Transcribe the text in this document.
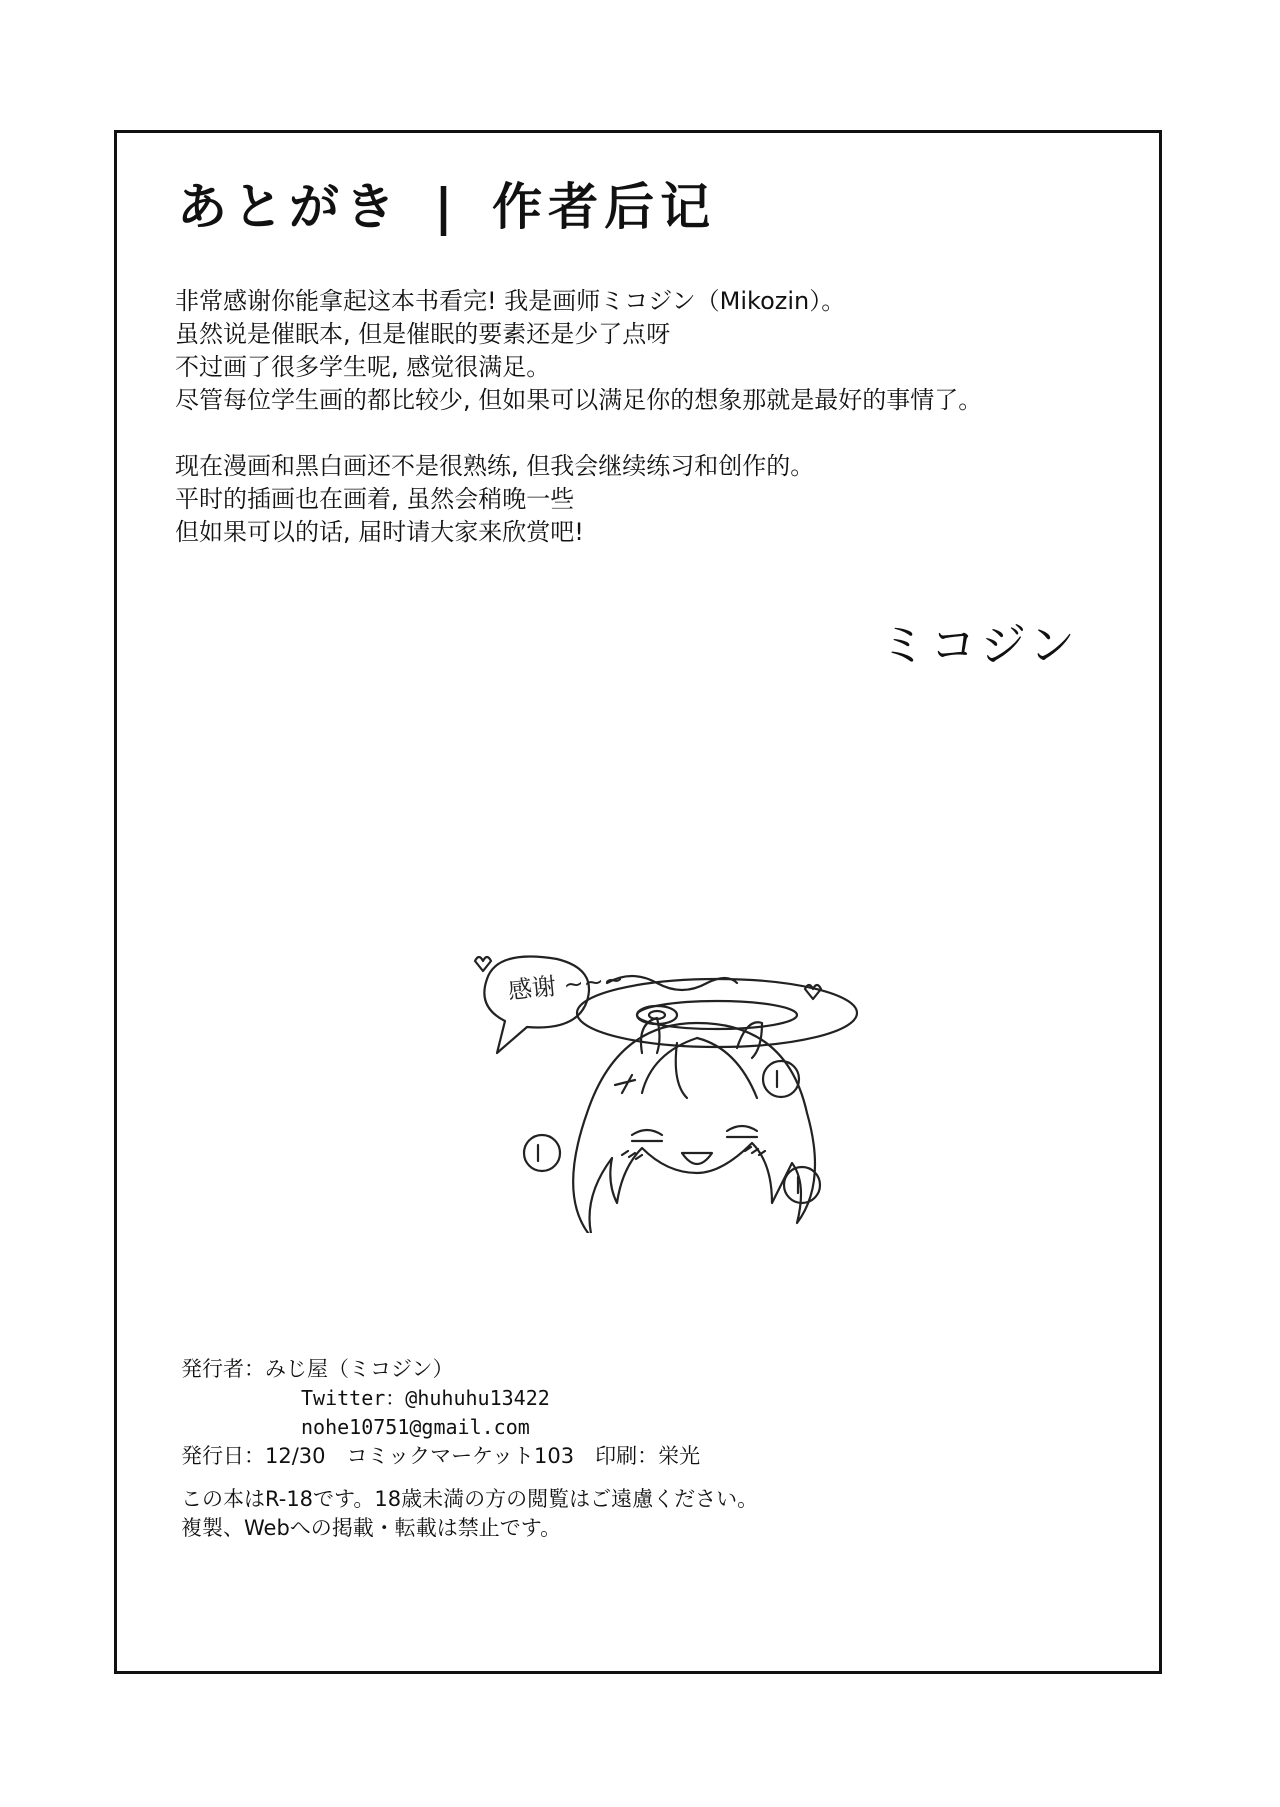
あとがき | 作者后记

非常感谢你能拿起这本书看完! 我是画师ミコジン（Mikozin）。

虽然说是催眠本, 但是催眠的要素还是少了点呀

不过画了很多学生呢, 感觉很满足。

尽管每位学生画的都比较少, 但如果可以满足你的想象那就是最好的事情了。

现在漫画和黑白画还不是很熟练, 但我会继续练习和创作的。

平时的插画也在画着, 虽然会稍晚一些

但如果可以的话, 届时请大家来欣赏吧!

ミコジン
感谢 ~~~

発行者：みじ屋（ミコジン）

Twitter：@huhuhu13422

nohe10751@gmail.com

発行日：12/30　コミックマーケット103　印刷：栄光

この本はR-18です。18歳未満の方の閲覧はご遠慮ください。

複製、Webへの掲載・転載は禁止です。
